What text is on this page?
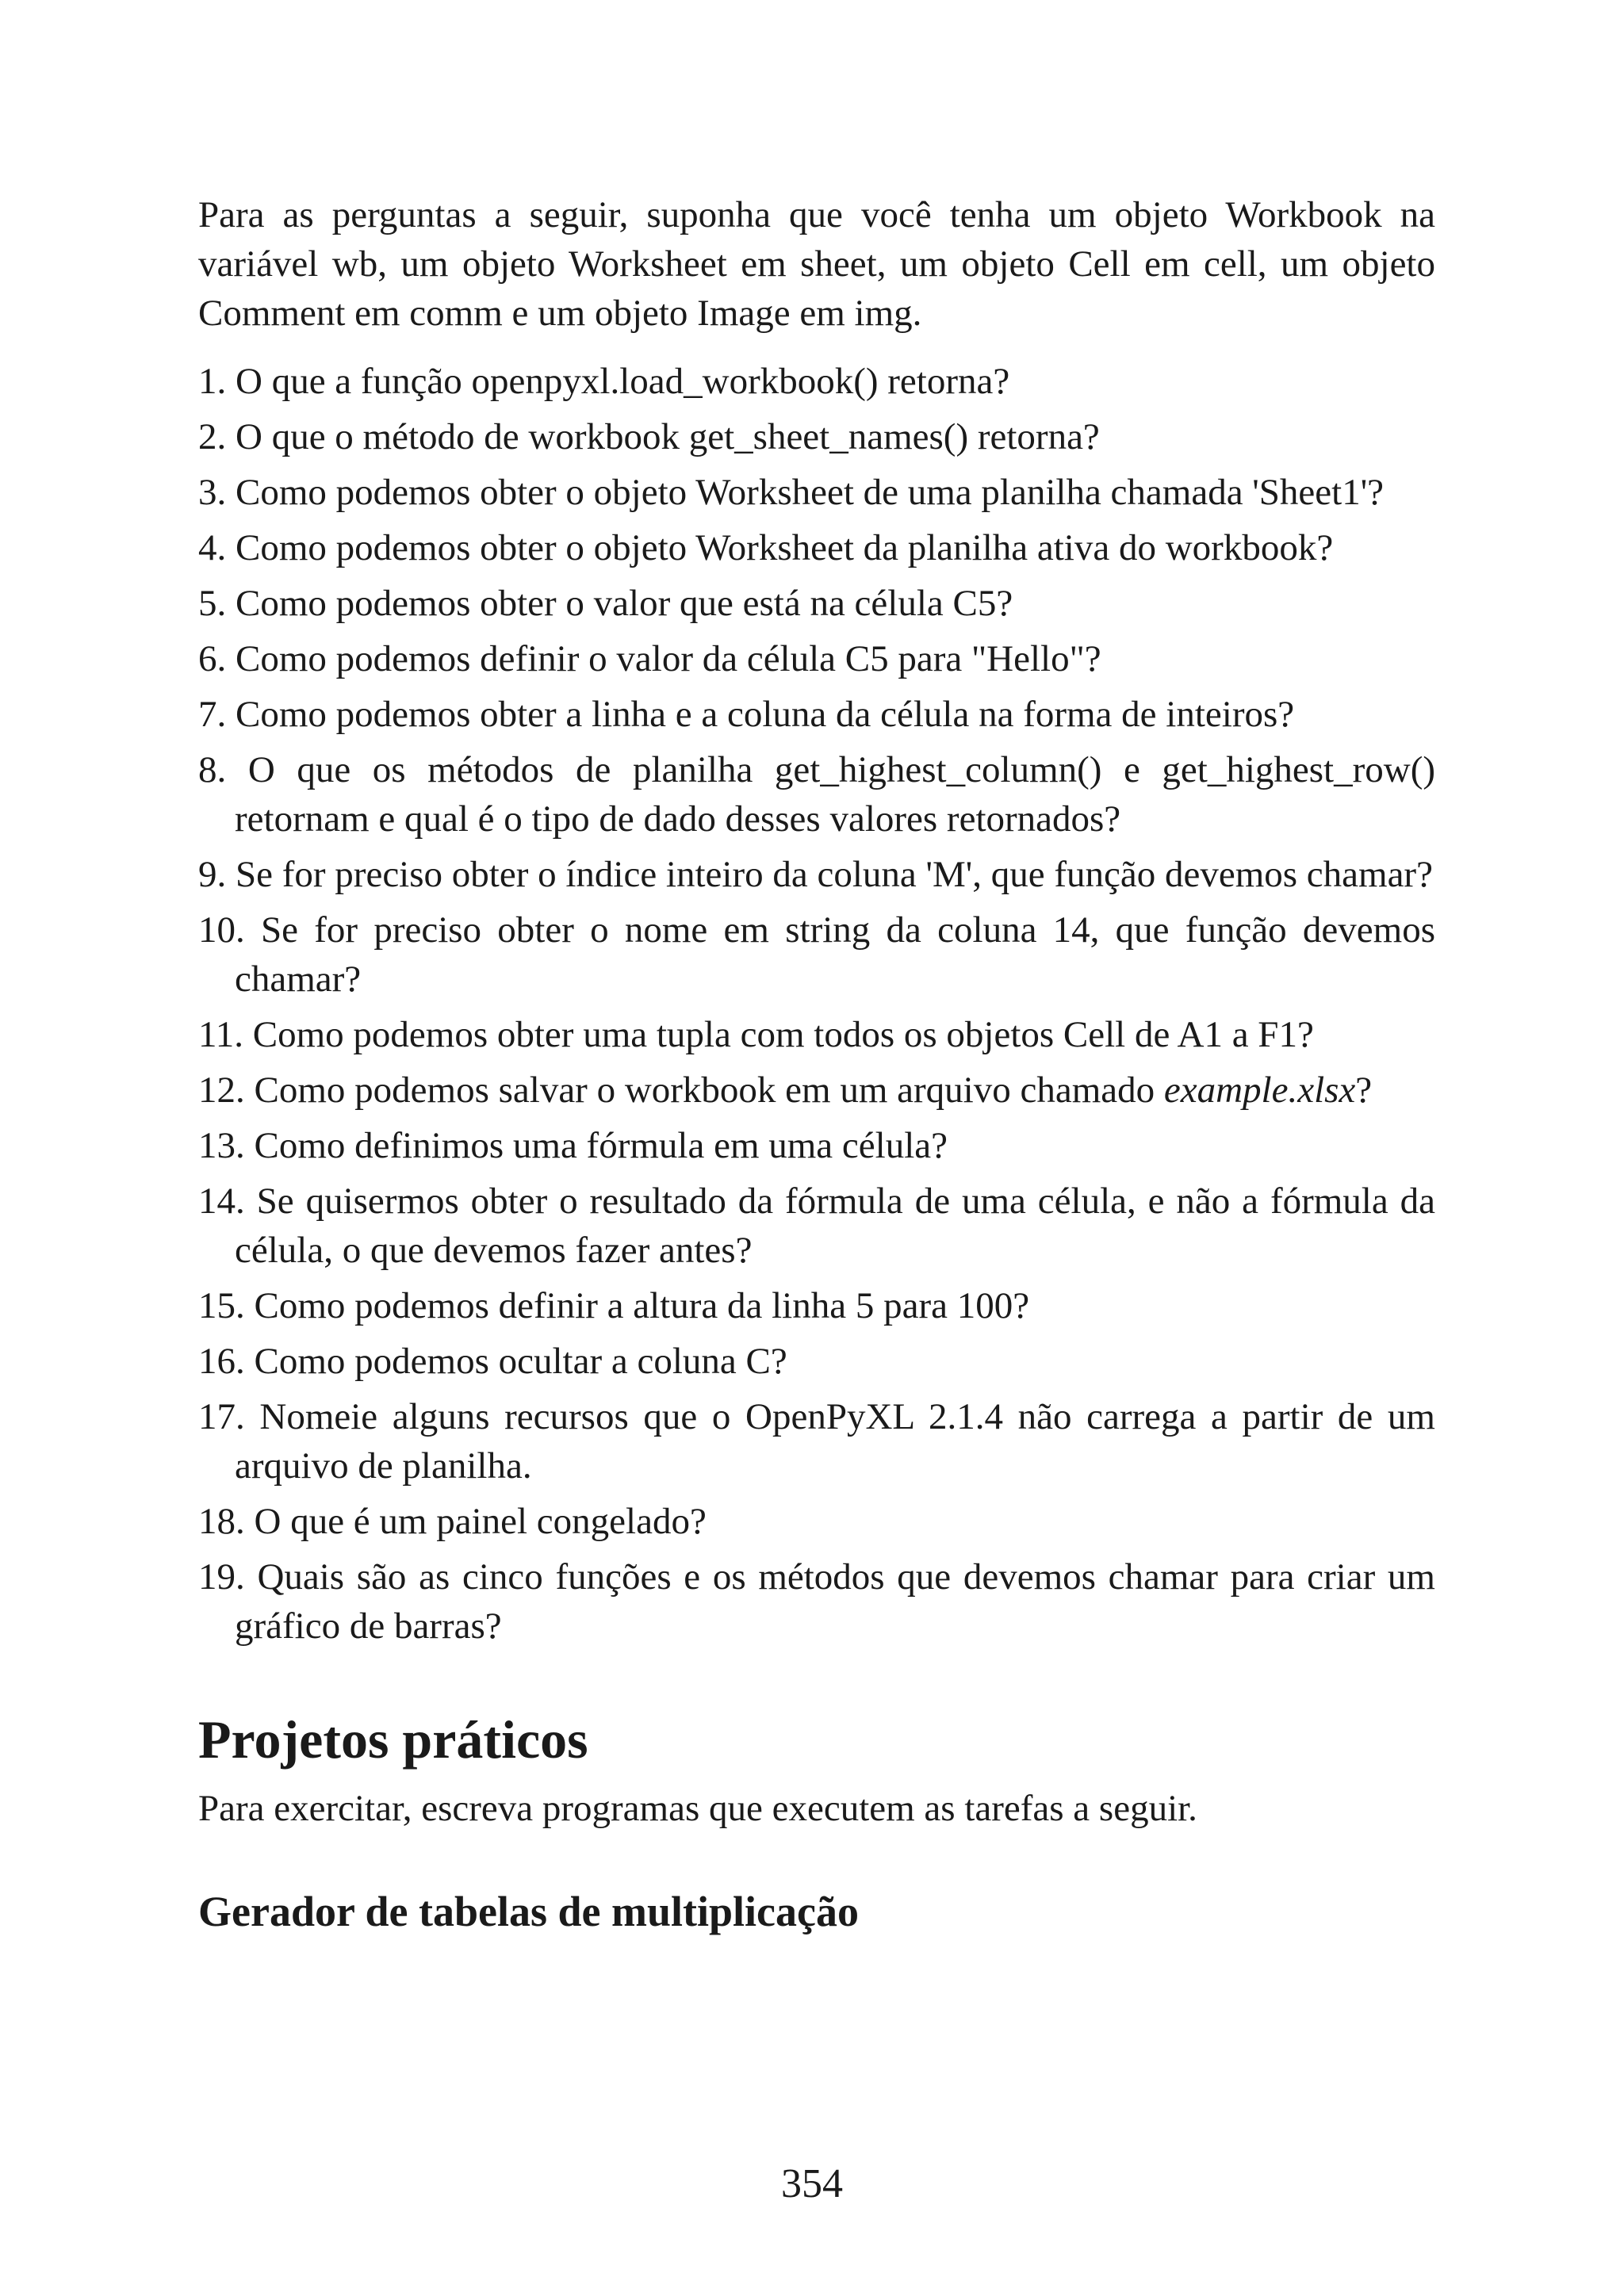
Para as perguntas a seguir, suponha que você tenha um objeto Workbook na variável wb, um objeto Worksheet em sheet, um objeto Cell em cell, um objeto Comment em comm e um objeto Image em img.

1. O que a função openpyxl.load_workbook() retorna?
2. O que o método de workbook get_sheet_names() retorna?
3. Como podemos obter o objeto Worksheet de uma planilha chamada 'Sheet1'?
4. Como podemos obter o objeto Worksheet da planilha ativa do workbook?
5. Como podemos obter o valor que está na célula C5?
6. Como podemos definir o valor da célula C5 para "Hello"?
7. Como podemos obter a linha e a coluna da célula na forma de inteiros?
8. O que os métodos de planilha get_highest_column() e get_highest_row() retornam e qual é o tipo de dado desses valores retornados?
9. Se for preciso obter o índice inteiro da coluna 'M', que função devemos chamar?
10. Se for preciso obter o nome em string da coluna 14, que função devemos chamar?
11. Como podemos obter uma tupla com todos os objetos Cell de A1 a F1?
12. Como podemos salvar o workbook em um arquivo chamado example.xlsx?
13. Como definimos uma fórmula em uma célula?
14. Se quisermos obter o resultado da fórmula de uma célula, e não a fórmula da célula, o que devemos fazer antes?
15. Como podemos definir a altura da linha 5 para 100?
16. Como podemos ocultar a coluna C?
17. Nomeie alguns recursos que o OpenPyXL 2.1.4 não carrega a partir de um arquivo de planilha.
18. O que é um painel congelado?
19. Quais são as cinco funções e os métodos que devemos chamar para criar um gráfico de barras?
Projetos práticos

Para exercitar, escreva programas que executem as tarefas a seguir.

Gerador de tabelas de multiplicação
354
